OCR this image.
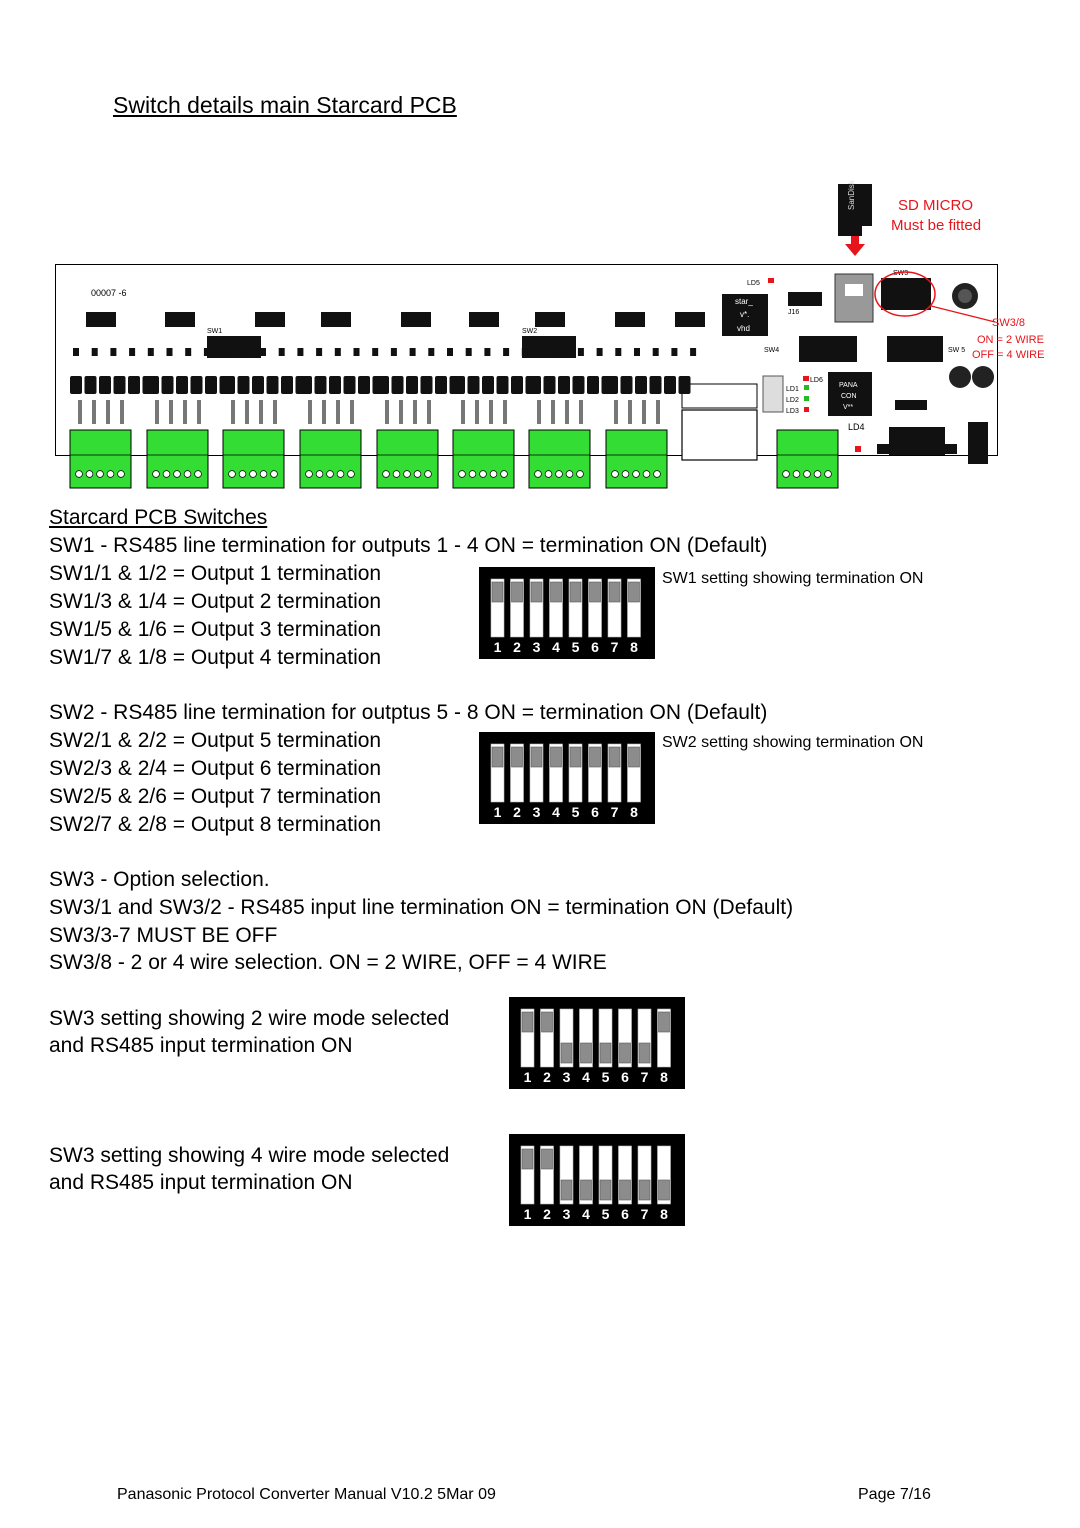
Switch details main Starcard PCB
SanDisk	SD MICRO
Must be fitted
00007 -6
SW1	SW2
LD5
SW3
star_
v*.
vhd
J16
SW4	SW 5
SW3/8
ON = 2 WIRE
OFF = 4 WIRE
PANA
CON
V**
LD6
LD1
LD2
LD3
LD4
Starcard PCB Switches
SW1 - RS485 line termination for outputs 1 - 4 ON = termination ON (Default)
SW1/1 & 1/2 = Output 1 termination
SW1/3 & 1/4 = Output 2 termination
SW1/5 & 1/6 = Output 3 termination
SW1/7 & 1/8 = Output 4 termination
SW1 setting showing termination ON
1 2 3 4 5 6 7 8
SW2 - RS485 line termination for outptus 5 - 8 ON = termination ON (Default)
SW2/1 & 2/2 = Output 5 termination
SW2/3 & 2/4 = Output 6 termination
SW2/5 & 2/6 = Output 7 termination
SW2/7 & 2/8 = Output 8 termination
SW2 setting showing termination ON
1 2 3 4 5 6 7 8
SW3 - Option selection.
SW3/1 and SW3/2 - RS485 input line termination ON = termination ON (Default)
SW3/3-7 MUST BE OFF
SW3/8 - 2 or 4 wire selection. ON = 2 WIRE, OFF = 4 WIRE
SW3 setting showing 2 wire mode selected
and RS485 input termination ON
1 2 3 4 5 6 7 8
SW3 setting showing 4 wire mode selected
and RS485 input termination ON
1 2 3 4 5 6 7 8
Panasonic Protocol Converter Manual V10.2 5Mar 09	Page 7/16
